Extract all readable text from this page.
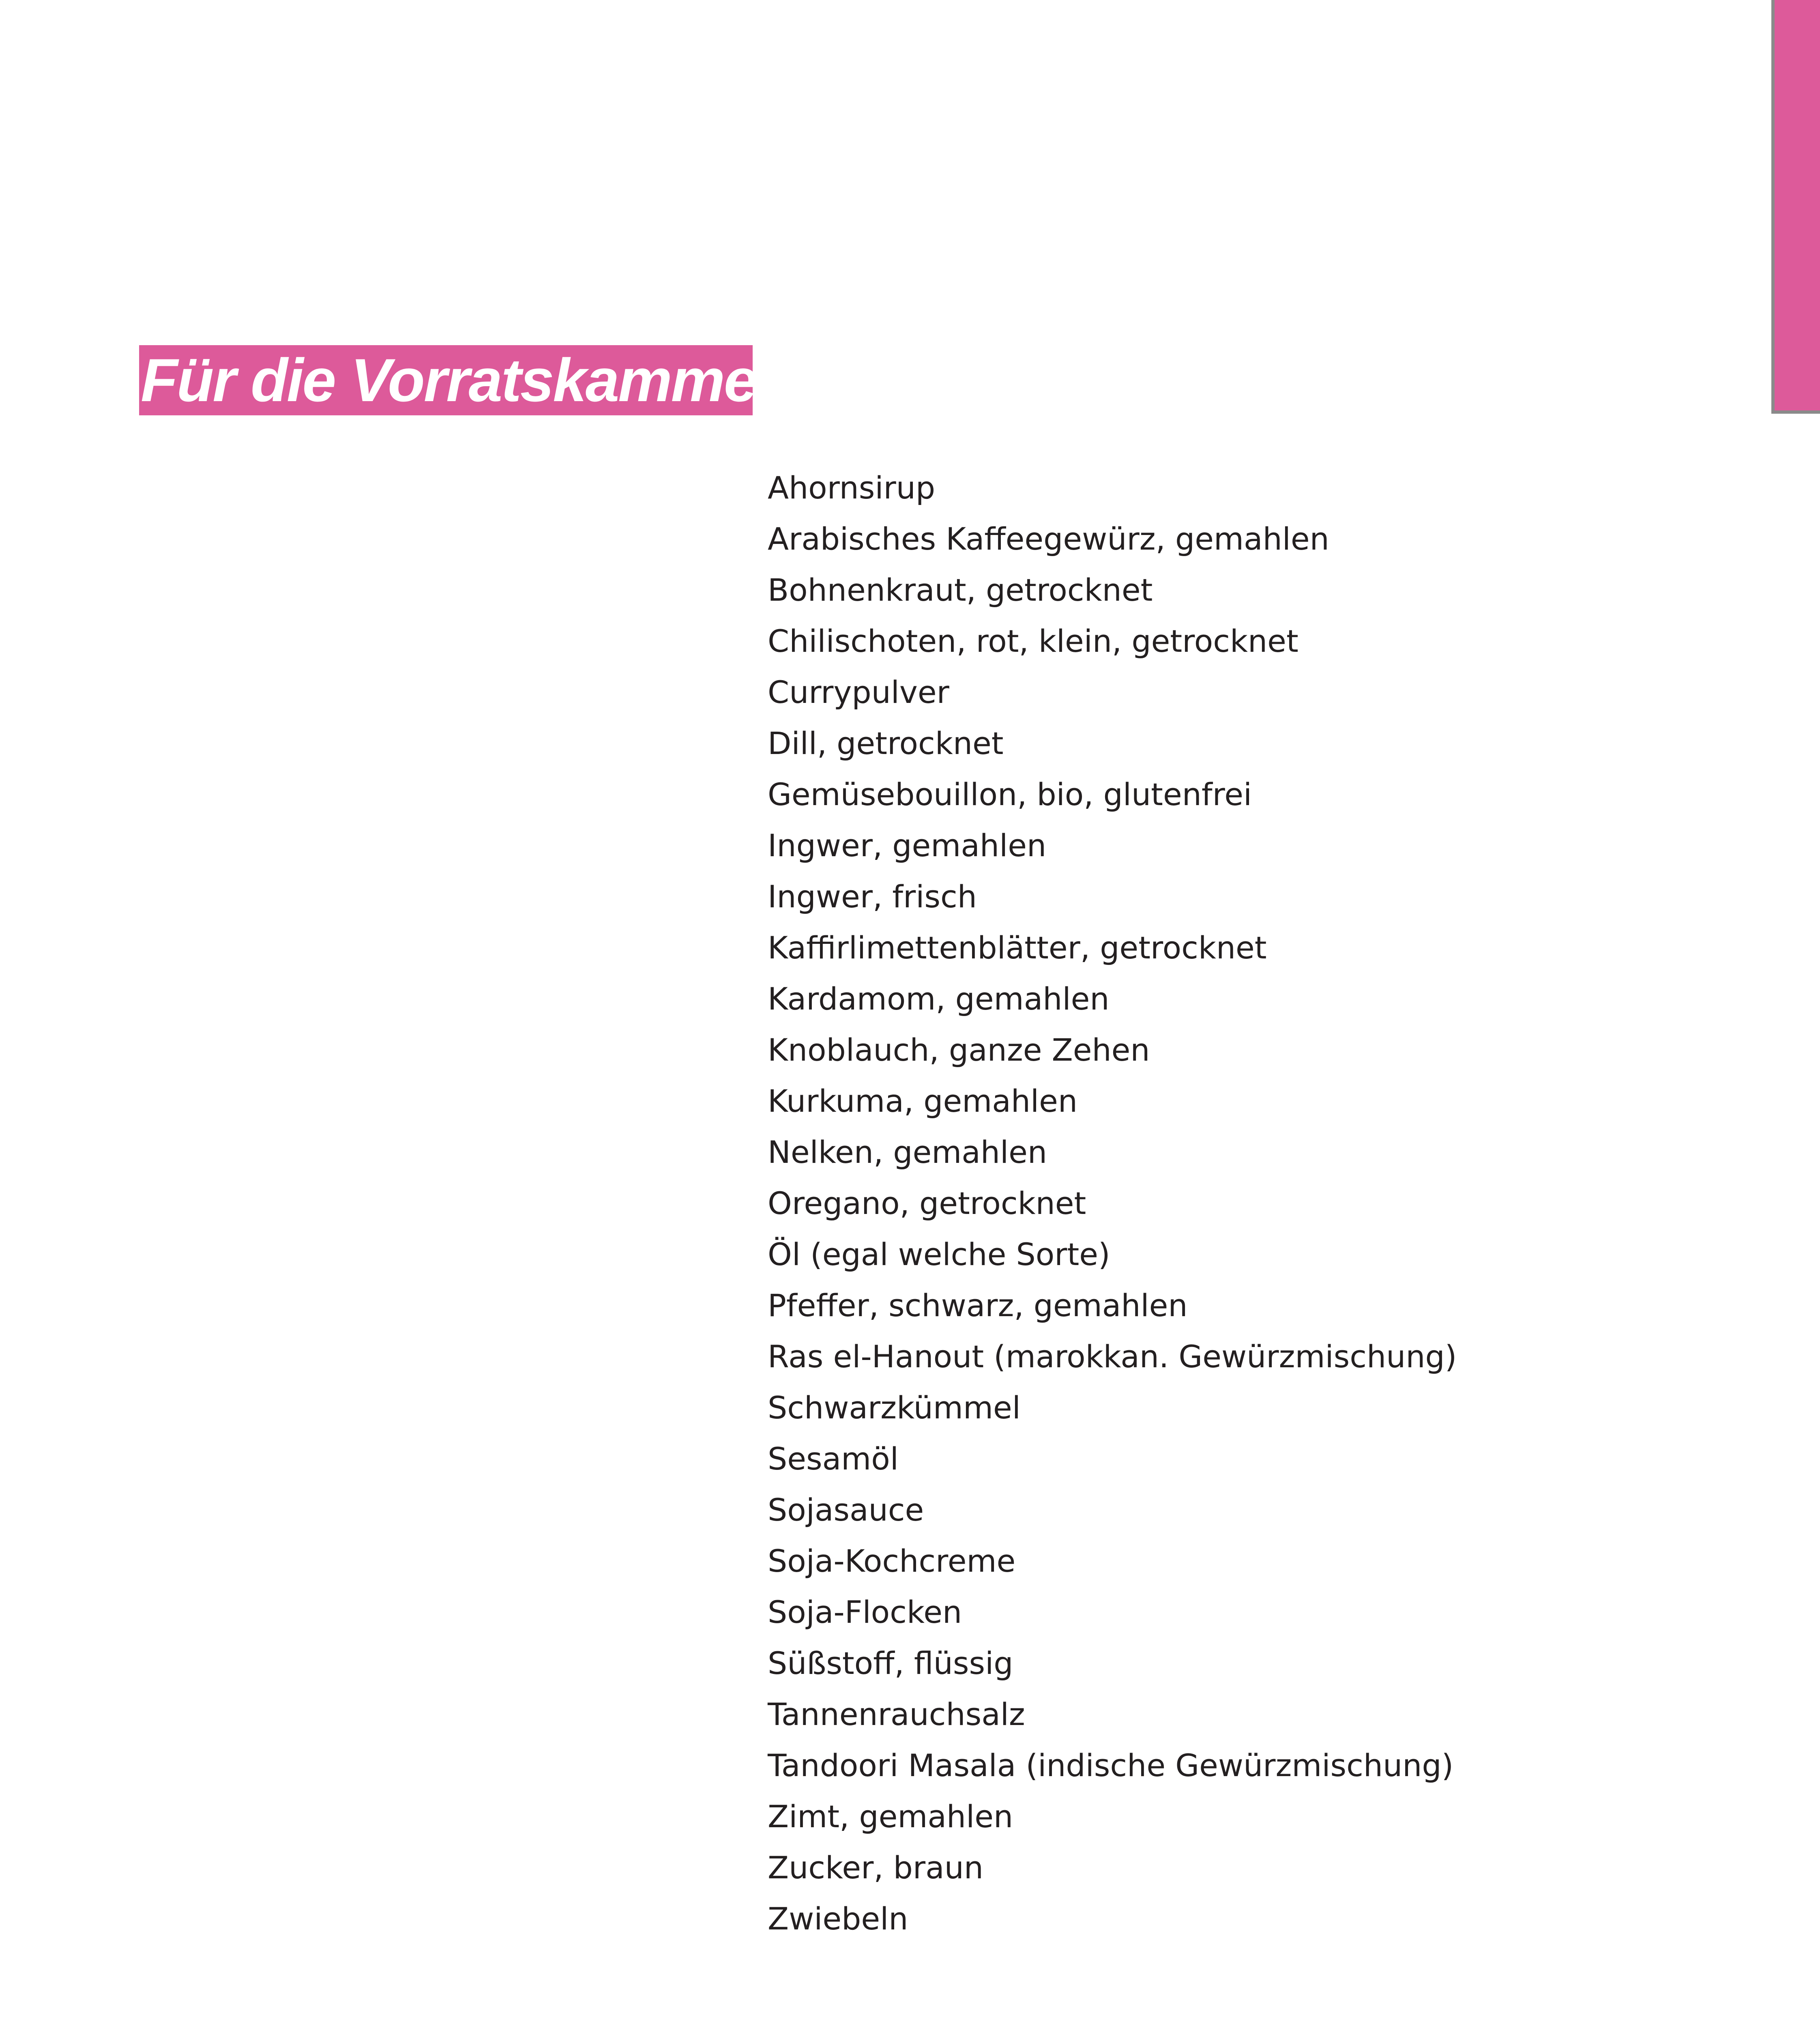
Für die Vorratskammer
Ahornsirup
Arabisches Kaffeegewürz, gemahlen
Bohnenkraut, getrocknet
Chilischoten, rot, klein, getrocknet
Currypulver
Dill, getrocknet
Gemüsebouillon, bio, glutenfrei
Ingwer, gemahlen
Ingwer, frisch
Kaffirlimettenblätter, getrocknet
Kardamom, gemahlen
Knoblauch, ganze Zehen
Kurkuma, gemahlen
Nelken, gemahlen
Oregano, getrocknet
Öl (egal welche Sorte)
Pfeffer, schwarz, gemahlen
Ras el-Hanout (marokkan. Gewürzmischung)
Schwarzkümmel
Sesamöl
Sojasauce
Soja-Kochcreme
Soja-Flocken
Süßstoff, flüssig
Tannenrauchsalz
Tandoori Masala (indische Gewürzmischung)
Zimt, gemahlen
Zucker, braun
Zwiebeln
